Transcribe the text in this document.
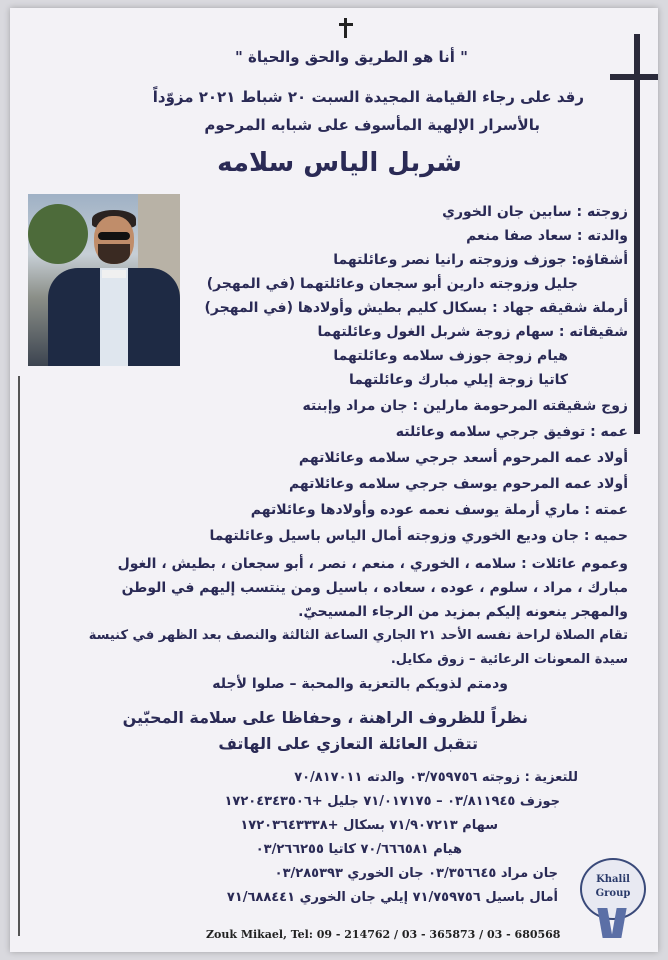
" أنا هو الطريق والحق والحياة "
رقد على رجاء القيامة المجيدة السبت ٢٠ شباط ٢٠٢١ مزوّداً
بالأسرار الإلهية المأسوف على شبابه المرحوم
شربل الياس سلامه
زوجته : سابين جان الخوري
والدته : سعاد صفا منعم
أشقاؤه: جوزف وزوجته رانيا نصر وعائلتهما
جليل وزوجته دارين أبو سجعان وعائلتهما (في المهجر)
أرملة شقيقه جهاد : بسكال كليم بطيش وأولادها (في المهجر)
شقيقاته : سهام زوجة شربل الغول وعائلتهما
هيام زوجة جوزف سلامه وعائلتهما
كاتيا زوجة إيلي مبارك وعائلتهما
زوج شقيقته المرحومة مارلين : جان مراد وإبنته
عمه : توفيق جرجي سلامه وعائلته
أولاد عمه المرحوم أسعد جرجي سلامه وعائلاتهم
أولاد عمه المرحوم يوسف جرجي سلامه وعائلاتهم
عمته : ماري أرملة يوسف نعمه عوده وأولادها وعائلاتهم
حميه : جان وديع الخوري وزوجته أمال الياس باسيل وعائلتهما
وعموم عائلات : سلامه ، الخوري ، منعم ، نصر ، أبو سجعان ، بطيش ، الغول
مبارك ، مراد ، سلوم ، عوده ، سعاده ، باسيل ومن ينتسب إليهم في الوطن
والمهجر ينعونه إليكم بمزيد من الرجاء المسيحيّ.
تقام الصلاة لراحة نفسه الأحد ٢١ الجاري الساعة الثالثة والنصف بعد الظهر في كنيسة
سيدة المعونات الرعائية – زوق مكايل.
ودمتم لذويكم بالتعزية والمحبة – صلوا لأجله
نظراً للظروف الراهنة ، وحفاظا على سلامة المحبّين
تتقبل العائلة التعازي على الهاتف
للتعزية : زوجته ٠٣/٧٥٩٧٥٦ والدته ٧٠/٨١٧٠١١
جوزف ٠٣/٨١١٩٤٥ – ٧١/٠١٧١٧٥ جليل ‎+١٧٢٠٤٣٤٣٥٠٦
سهام ٧١/٩٠٧٢١٣ بسكال ‎+١٧٢٠٣٦٤٣٣٣٨
هيام ٧٠/٦٦٦٥٨١ كاتيا ٠٣/٢٦٦٢٥٥
جان مراد ٠٣/٣٥٦٦٤٥ جان الخوري ٠٣/٢٨٥٣٩٣
أمال باسيل ٧١/٧٥٩٧٥٦ إيلي جان الخوري ٧١/٦٨٨٤٤١
Khalil
Group
Zouk Mikael, Tel: 09 - 214762 / 03 - 365873 / 03 - 680568
